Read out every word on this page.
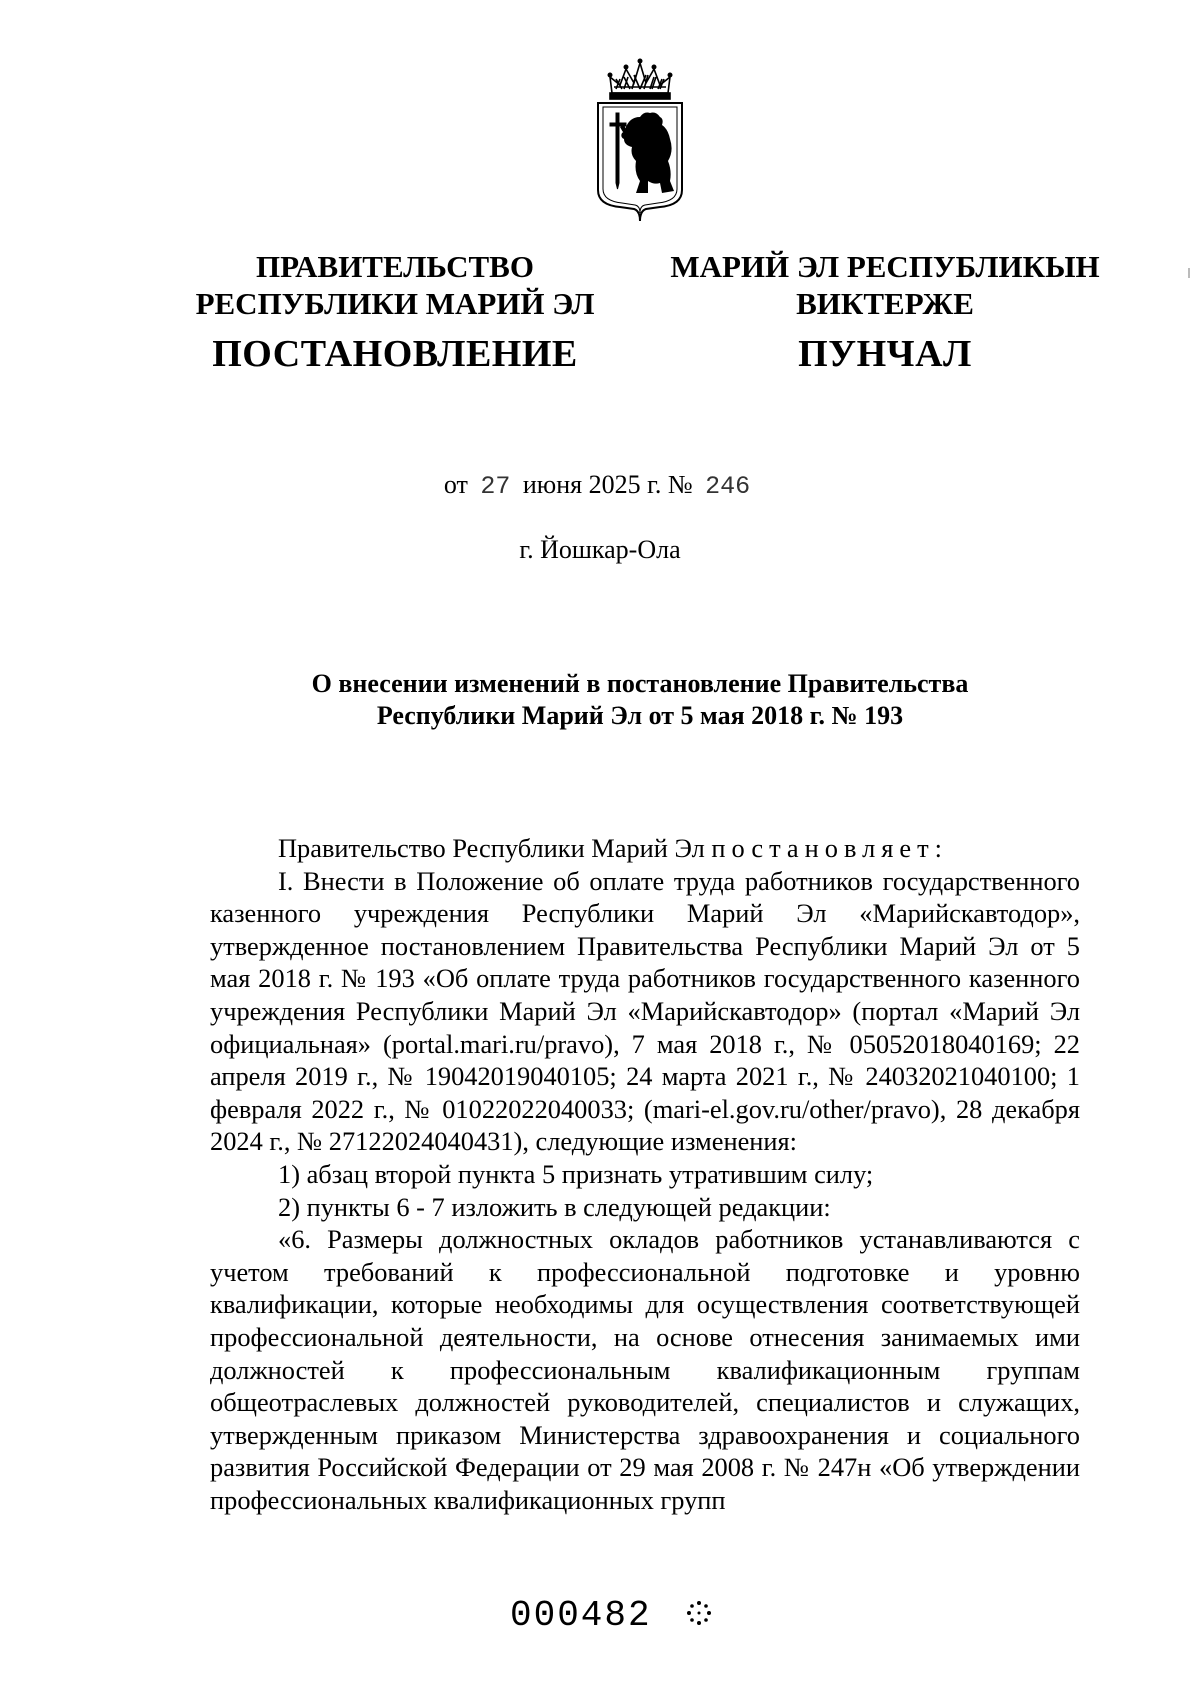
ПРАВИТЕЛЬСТВО
РЕСПУБЛИКИ МАРИЙ ЭЛ
ПОСТАНОВЛЕНИЕ
МАРИЙ ЭЛ РЕСПУБЛИКЫН
ВИКТЕРЖЕ
ПУНЧАЛ
от 27 июня 2025 г. № 246
г. Йошкар-Ола
О внесении изменений в постановление Правительства
Республики Марий Эл от 5 мая 2018 г. № 193

Правительство Республики Марий Эл постановляет:

I. Внести в Положение об оплате труда работников государственного казенного учреждения Республики Марий Эл «Марийскавтодор», утвержденное постановлением Правительства Республики Марий Эл от 5 мая 2018 г. № 193 «Об оплате труда работников государственного казенного учреждения Республики Марий Эл «Марийскавтодор» (портал «Марий Эл официальная» (portal.mari.ru/pravo), 7 мая 2018 г., № 05052018040169; 22 апреля 2019 г., № 19042019040105; 24 марта 2021 г., № 24032021040100; 1 февраля 2022 г., № 01022022040033; (mari-el.gov.ru/other/pravo), 28 декабря 2024 г., № 27122024040431), следующие изменения:

1) абзац второй пункта 5 признать утратившим силу;

2) пункты 6 - 7 изложить в следующей редакции:

«6. Размеры должностных окладов работников устанавливаются с учетом требований к профессиональной подготовке и уровню квалификации, которые необходимы для осуществления соответствующей профессиональной деятельности, на основе отнесения занимаемых ими должностей к профессиональным квалификационным группам общеотраслевых должностей руководителей, специалистов и служащих, утвержденным приказом Министерства здравоохранения и социального развития Российской Федерации от 29 мая 2008 г. № 247н «Об утверждении профессиональных квалификационных групп

000482
